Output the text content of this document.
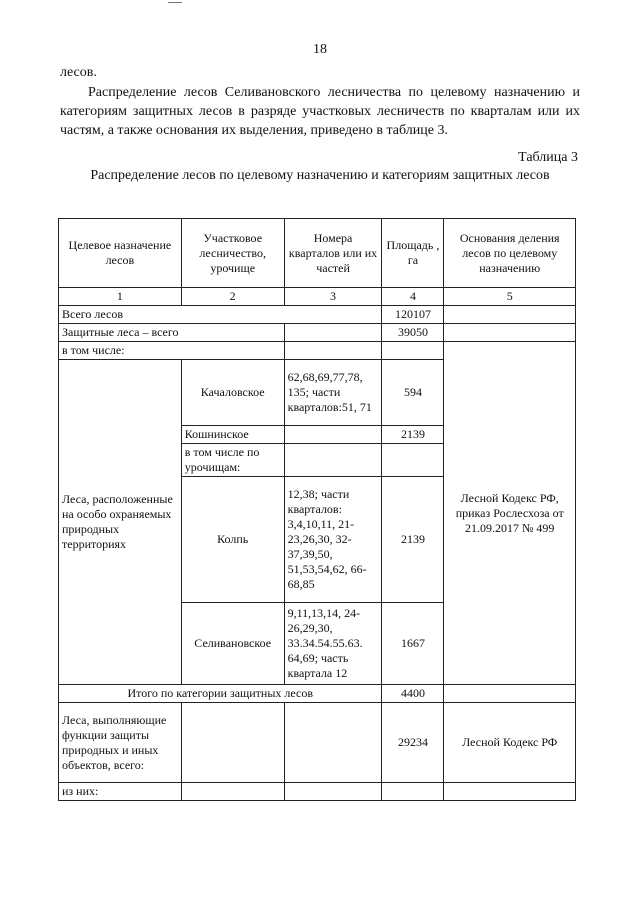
18
лесов.

Распределение лесов Селивановского лесничества по целевому назначению и категориям защитных лесов в разряде участковых лесничеств по кварталам или их частям, а также основания их выделения, приведено в таблице 3.

Таблица 3

Распределение лесов по целевому назначению и категориям защитных лесов

Целевое назначение лесов	Участковое лесничество, урочище	Номера кварталов или их частей	Площадь , га	Основания деления лесов по целевому назначению
1	2	3	4	5
Всего лесов			120107	
Защитные леса – всего			39050	
в том числе:				Лесной Кодекс РФ, приказ Рослесхоза от 21.09.2017 № 499
Леса, расположенные на особо охраняемых природных территориях	Качаловское	62,68,69,77,78, 135; части кварталов:51, 71	594	
	Кошнинское		2139	
	в том числе по урочищам:			
	Колпь	12,38; части кварталов: 3,4,10,11, 21-23,26,30, 32-37,39,50, 51,53,54,62, 66-68,85	2139	
	Селивановское	9,11,13,14, 24-26,29,30, 33.34.54.55.63. 64,69; часть квартала 12	1667	
Итого по категории защитных лесов			4400	
Леса, выполняющие функции защиты природных и иных объектов, всего:			29234	Лесной Кодекс РФ
из них:				
